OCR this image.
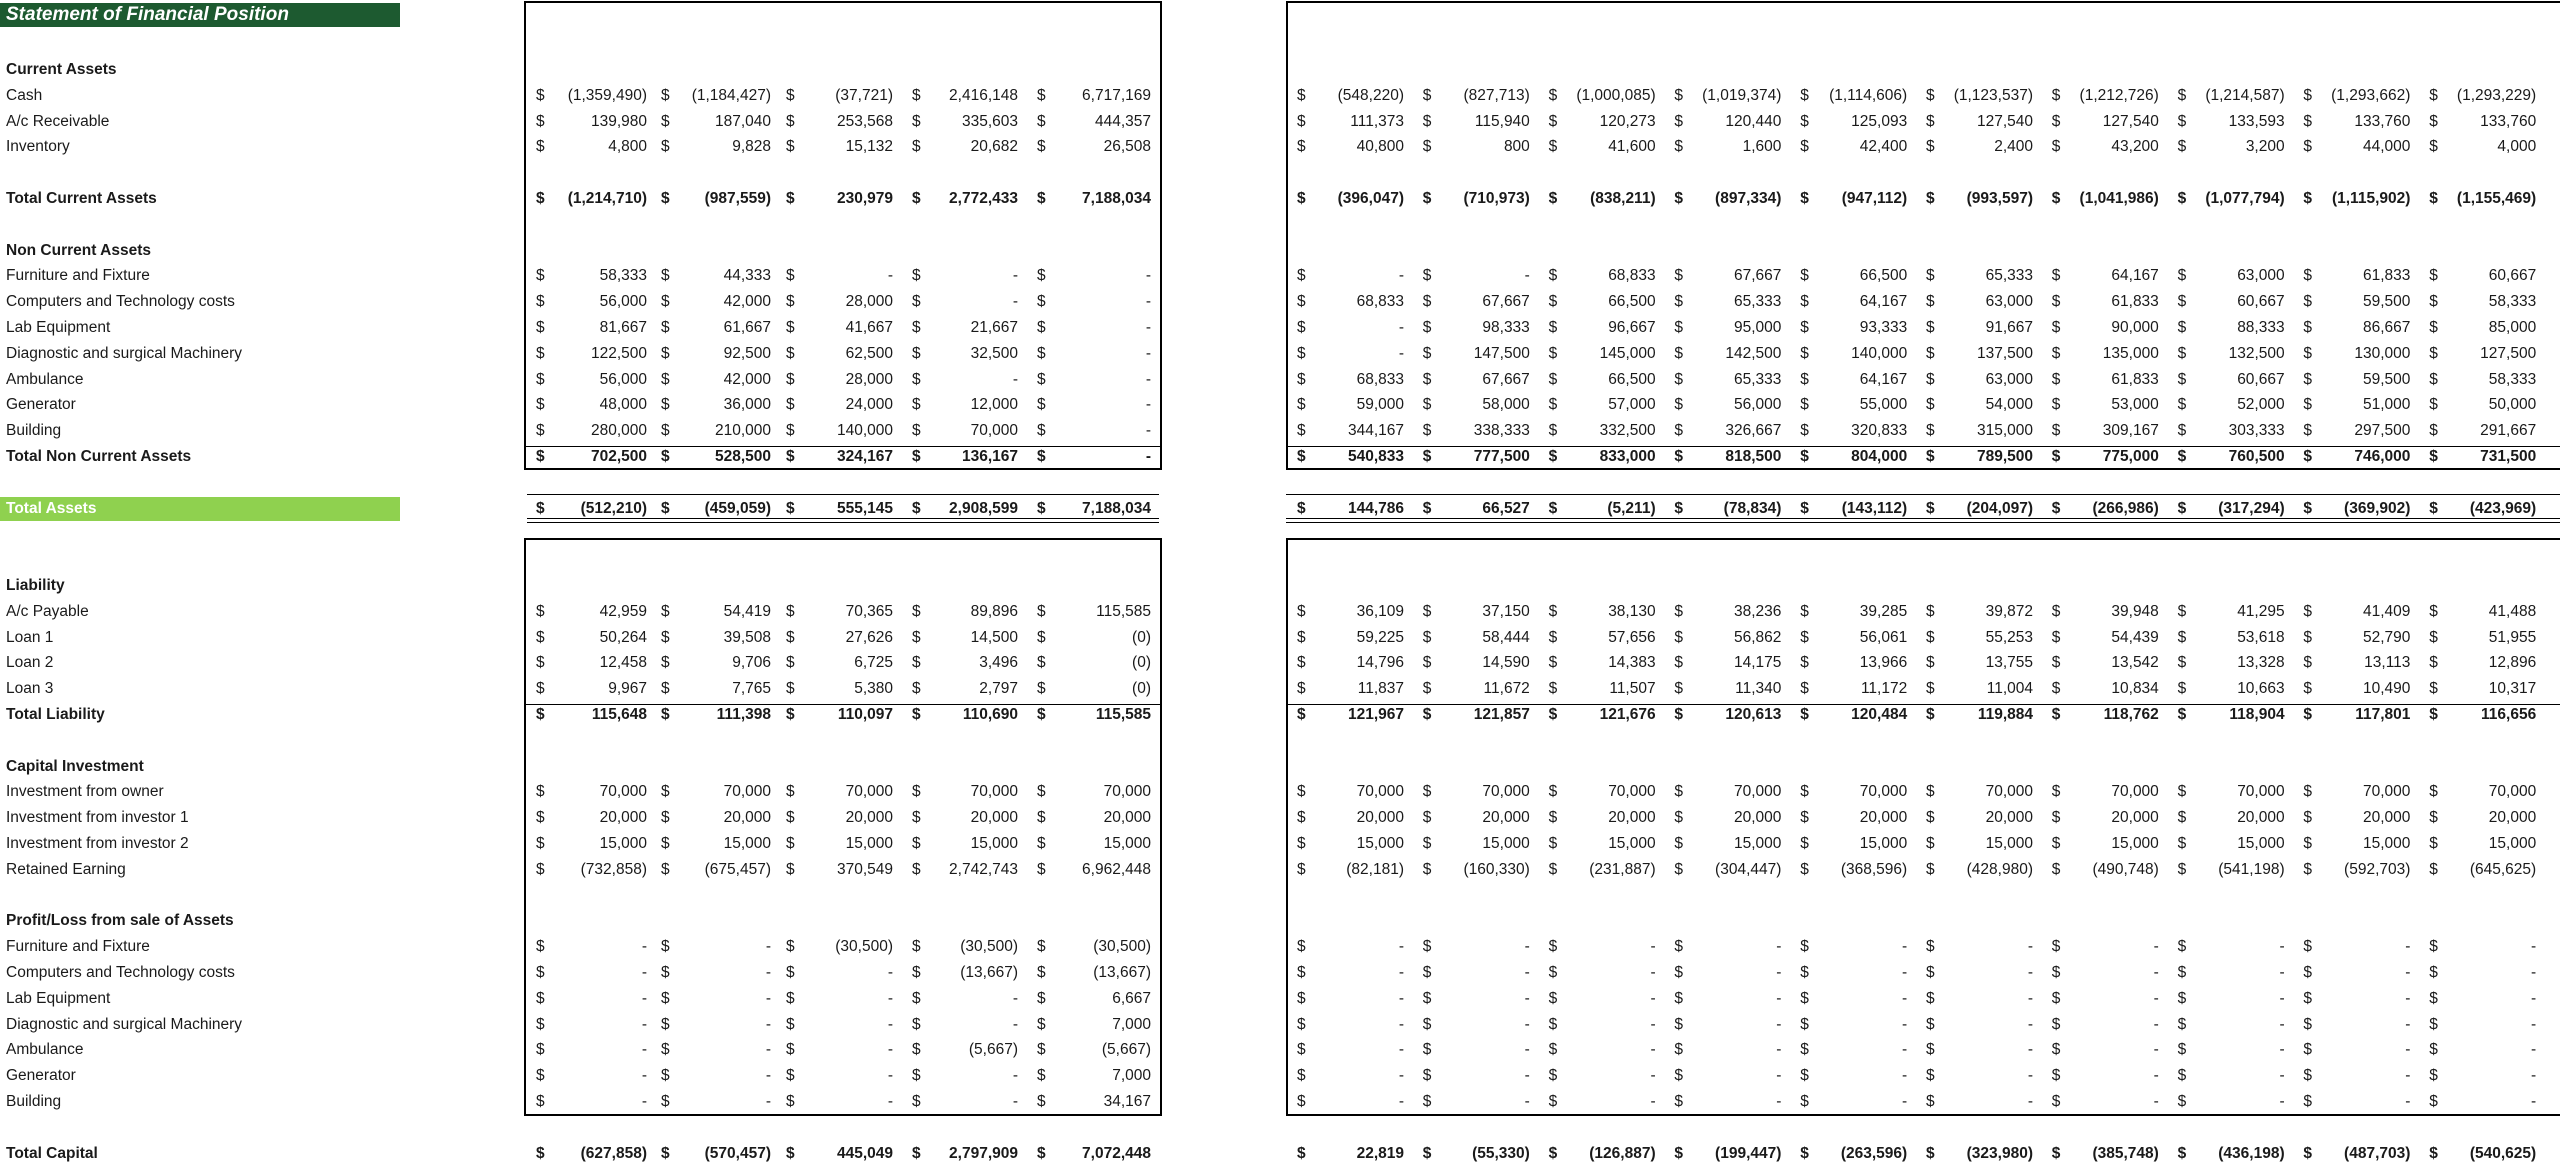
Statement of Financial Position
Current Assets
Cash	$ (1,359,490) $ (1,184,427) $	(37,721) $ 2,416,148 $ 6,717,169	$ (548,220) $ (827,713) $ (1,000,085) $ (1,019,374) $ (1,114,606) $ (1,123,537) $ (1,212,726) $ (1,214,587) $ (1,293,662) $ (1,293,229)
A/c Receivable	$	139,980 $	187,040 $	253,568 $	335,603 $	444,357	$	111,373 $	115,940 $	120,273 $	120,440 $	125,093 $	127,540 $	127,540 $	133,593 $	133,760 $	133,760
Inventory	$	4,800 $	9,828 $	15,132 $	20,682 $	26,508	$	40,800 $	800 $	41,600 $	1,600 $	42,400 $	2,400 $	43,200 $	3,200 $	44,000 $	4,000
Total Current Assets	$ (1,214,710) $ (987,559) $	230,979 $ 2,772,433 $ 7,188,034	$ (396,047) $ (710,973) $ (838,211) $ (897,334) $ (947,112) $ (993,597) $ (1,041,986) $ (1,077,794) $ (1,115,902) $ (1,155,469)
Non Current Assets
Furniture and Fixture	$	58,333 $	44,333 $	- $	- $	-	$	- $	- $	68,833 $	67,667 $	66,500 $	65,333 $	64,167 $	63,000 $	61,833 $	60,667
Computers and Technology costs	$	56,000 $	42,000 $	28,000 $	- $	-	$	68,833 $	67,667 $	66,500 $	65,333 $	64,167 $	63,000 $	61,833 $	60,667 $	59,500 $	58,333
Lab Equipment	$	81,667 $	61,667 $	41,667 $	21,667 $	-	$	- $	98,333 $	96,667 $	95,000 $	93,333 $	91,667 $	90,000 $	88,333 $	86,667 $	85,000
Diagnostic and surgical Machinery	$	122,500 $	92,500 $	62,500 $	32,500 $	-	$	- $	147,500 $	145,000 $	142,500 $	140,000 $	137,500 $	135,000 $	132,500 $	130,000 $	127,500
Ambulance	$	56,000 $	42,000 $	28,000 $	- $	-	$	68,833 $	67,667 $	66,500 $	65,333 $	64,167 $	63,000 $	61,833 $	60,667 $	59,500 $	58,333
Generator	$	48,000 $	36,000 $	24,000 $	12,000 $	-	$	59,000 $	58,000 $	57,000 $	56,000 $	55,000 $	54,000 $	53,000 $	52,000 $	51,000 $	50,000
Building	$	280,000 $	210,000 $	140,000 $	70,000 $	-	$	344,167 $	338,333 $	332,500 $	326,667 $	320,833 $	315,000 $	309,167 $	303,333 $	297,500 $	291,667
Total Non Current Assets	$	702,500 $	528,500 $	324,167 $	136,167 $	-	$	540,833 $	777,500 $	833,000 $	818,500 $	804,000 $	789,500 $	775,000 $	760,500 $	746,000 $	731,500
Total Assets	$ (512,210) $ (459,059) $	555,145 $ 2,908,599 $ 7,188,034	$	144,786 $	66,527 $	(5,211) $	(78,834) $ (143,112) $ (204,097) $ (266,986) $ (317,294) $ (369,902) $ (423,969)
Liability
A/c Payable	$	42,959 $	54,419 $	70,365 $	89,896 $	115,585	$	36,109 $	37,150 $	38,130 $	38,236 $	39,285 $	39,872 $	39,948 $	41,295 $	41,409 $	41,488
Loan 1	$	50,264 $	39,508 $	27,626 $	14,500 $	(0)	$	59,225 $	58,444 $	57,656 $	56,862 $	56,061 $	55,253 $	54,439 $	53,618 $	52,790 $	51,955
Loan 2	$	12,458 $	9,706 $	6,725 $	3,496 $	(0)	$	14,796 $	14,590 $	14,383 $	14,175 $	13,966 $	13,755 $	13,542 $	13,328 $	13,113 $	12,896
Loan 3	$	9,967 $	7,765 $	5,380 $	2,797 $	(0)	$	11,837 $	11,672 $	11,507 $	11,340 $	11,172 $	11,004 $	10,834 $	10,663 $	10,490 $	10,317
Total Liability	$	115,648 $	111,398 $	110,097 $	110,690 $	115,585	$	121,967 $	121,857 $	121,676 $	120,613 $	120,484 $	119,884 $	118,762 $	118,904 $	117,801 $	116,656
Capital Investment
Investment from owner	$	70,000 $	70,000 $	70,000 $	70,000 $	70,000	$	70,000 $	70,000 $	70,000 $	70,000 $	70,000 $	70,000 $	70,000 $	70,000 $	70,000 $	70,000
Investment from investor 1	$	20,000 $	20,000 $	20,000 $	20,000 $	20,000	$	20,000 $	20,000 $	20,000 $	20,000 $	20,000 $	20,000 $	20,000 $	20,000 $	20,000 $	20,000
Investment from investor 2	$	15,000 $	15,000 $	15,000 $	15,000 $	15,000	$	15,000 $	15,000 $	15,000 $	15,000 $	15,000 $	15,000 $	15,000 $	15,000 $	15,000 $	15,000
Retained Earning	$ (732,858) $ (675,457) $	370,549 $ 2,742,743 $ 6,962,448	$	(82,181) $ (160,330) $ (231,887) $ (304,447) $ (368,596) $ (428,980) $ (490,748) $ (541,198) $ (592,703) $ (645,625)
Profit/Loss from sale of Assets
Furniture and Fixture	$	- $	- $	(30,500) $	(30,500) $	(30,500)	$	- $	- $	- $	- $	- $	- $	- $	- $	- $	-
Computers and Technology costs	$	- $	- $	- $	(13,667) $	(13,667)	$	- $	- $	- $	- $	- $	- $	- $	- $	- $	-
Lab Equipment	$	- $	- $	- $	- $	6,667	$	- $	- $	- $	- $	- $	- $	- $	- $	- $	-
Diagnostic and surgical Machinery	$	- $	- $	- $	- $	7,000	$	- $	- $	- $	- $	- $	- $	- $	- $	- $	-
Ambulance	$	- $	- $	- $	(5,667) $	(5,667)	$	- $	- $	- $	- $	- $	- $	- $	- $	- $	-
Generator	$	- $	- $	- $	- $	7,000	$	- $	- $	- $	- $	- $	- $	- $	- $	- $	-
Building	$	- $	- $	- $	- $	34,167	$	- $	- $	- $	- $	- $	- $	- $	- $	- $	-
Total Capital	$ (627,858) $ (570,457) $	445,049 $ 2,797,909 $ 7,072,448	$	22,819 $	(55,330) $ (126,887) $ (199,447) $ (263,596) $ (323,980) $ (385,748) $ (436,198) $ (487,703) $ (540,625)
